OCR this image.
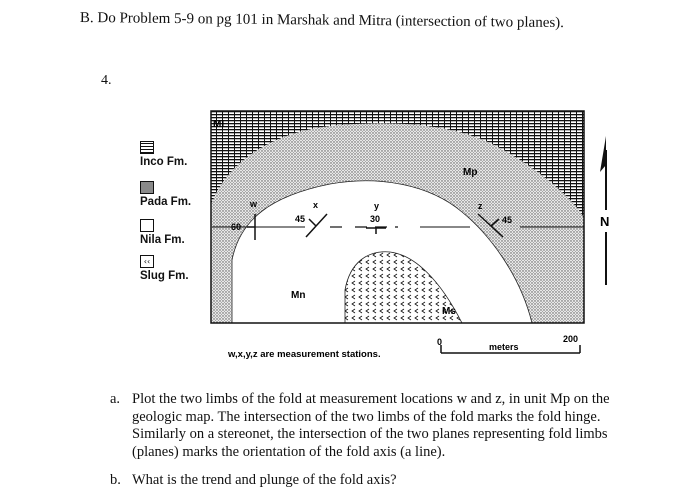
B. Do Problem 5-9 on pg 101 in Marshak and Mitra (intersection of two planes).
4.
Inco Fm.
Pada Fm.
Nila Fm.
‹‹
Slug Fm.
MI
Mp
Mn
Ms
w
60
x
45
y
30
z
45	N
0	200
meters
w,x,y,z are measurement stations.
a. Plot the two limbs of the fold at measurement locations w and z, in unit Mp on the geologic map. The intersection of the two limbs of the fold marks the fold hinge. Similarly on a stereonet, the intersection of the two planes representing fold limbs (planes) marks the orientation of the fold axis (a line).
b. What is the trend and plunge of the fold axis?
